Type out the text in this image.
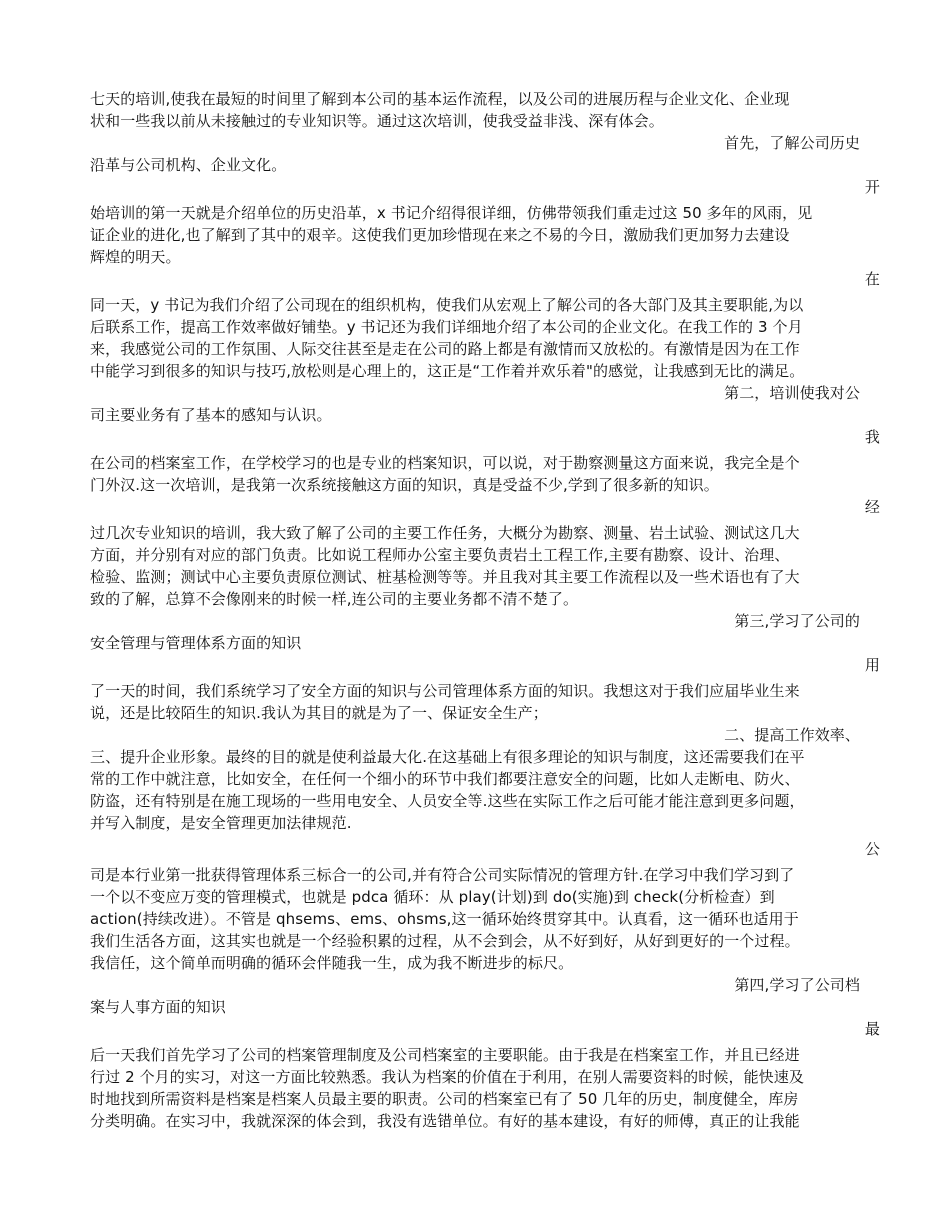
七天的培训,使我在最短的时间里了解到本公司的基本运作流程，以及公司的进展历程与企业文化、企业现

状和一些我以前从未接触过的专业知识等。通过这次培训，使我受益非浅、深有体会。

首先，了解公司历史

沿革与公司机构、企业文化。

开

始培训的第一天就是介绍单位的历史沿革，x 书记介绍得很详细，仿佛带领我们重走过这 50 多年的风雨，见

证企业的进化,也了解到了其中的艰辛。这使我们更加珍惜现在来之不易的今日，激励我们更加努力去建设

辉煌的明天。

在

同一天，y 书记为我们介绍了公司现在的组织机构，使我们从宏观上了解公司的各大部门及其主要职能,为以

后联系工作，提高工作效率做好铺垫。y 书记还为我们详细地介绍了本公司的企业文化。在我工作的 3 个月

来，我感觉公司的工作氛围、人际交往甚至是走在公司的路上都是有激情而又放松的。有激情是因为在工作

中能学习到很多的知识与技巧,放松则是心理上的，这正是“工作着并欢乐着"的感觉，让我感到无比的满足。

第二，培训使我对公

司主要业务有了基本的感知与认识。

我

在公司的档案室工作，在学校学习的也是专业的档案知识，可以说，对于勘察测量这方面来说，我完全是个

门外汉.这一次培训，是我第一次系统接触这方面的知识，真是受益不少,学到了很多新的知识。

经

过几次专业知识的培训，我大致了解了公司的主要工作任务，大概分为勘察、测量、岩土试验、测试这几大

方面，并分别有对应的部门负责。比如说工程师办公室主要负责岩土工程工作,主要有勘察、设计、治理、

检验、监测；测试中心主要负责原位测试、桩基检测等等。并且我对其主要工作流程以及一些术语也有了大

致的了解，总算不会像刚来的时候一样,连公司的主要业务都不清不楚了。

第三,学习了公司的

安全管理与管理体系方面的知识

用

了一天的时间，我们系统学习了安全方面的知识与公司管理体系方面的知识。我想这对于我们应届毕业生来

说，还是比较陌生的知识.我认为其目的就是为了一、保证安全生产；

二、提高工作效率、

三、提升企业形象。最终的目的就是使利益最大化.在这基础上有很多理论的知识与制度，这还需要我们在平

常的工作中就注意，比如安全，在任何一个细小的环节中我们都要注意安全的问题，比如人走断电、防火、

防盗，还有特别是在施工现场的一些用电安全、人员安全等.这些在实际工作之后可能才能注意到更多问题，

并写入制度，是安全管理更加法律规范.

公

司是本行业第一批获得管理体系三标合一的公司,并有符合公司实际情况的管理方针.在学习中我们学习到了

一个以不变应万变的管理模式，也就是 pdca 循环：从 play(计划)到 do(实施)到 check(分析检查）到

action(持续改进）。不管是 qhsems、ems、ohsms,这一循环始终贯穿其中。认真看，这一循环也适用于

我们生活各方面，这其实也就是一个经验积累的过程，从不会到会，从不好到好，从好到更好的一个过程。

我信任，这个简单而明确的循环会伴随我一生，成为我不断进步的标尺。

第四,学习了公司档

案与人事方面的知识

最

后一天我们首先学习了公司的档案管理制度及公司档案室的主要职能。由于我是在档案室工作，并且已经进

行过 2 个月的实习，对这一方面比较熟悉。我认为档案的价值在于利用，在别人需要资料的时候，能快速及

时地找到所需资料是档案是档案人员最主要的职责。公司的档案室已有了 50 几年的历史，制度健全，库房

分类明确。在实习中，我就深深的体会到，我没有选错单位。有好的基本建设，有好的师傅，真正的让我能
